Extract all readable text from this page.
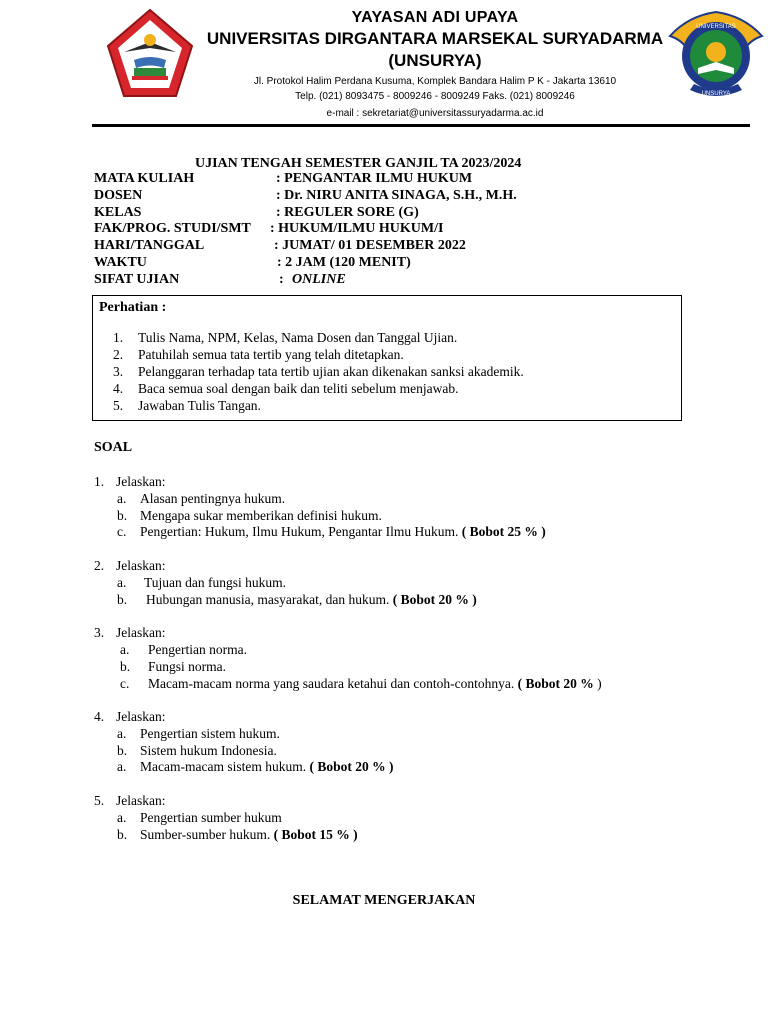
YAYASAN ADI UPAYA
UNIVERSITAS DIRGANTARA MARSEKAL SURYADARMA
(UNSURYA)
Jl. Protokol Halim Perdana Kusuma, Komplek Bandara Halim P K - Jakarta 13610
Telp. (021) 8093475 - 8009246 - 8009249 Faks. (021) 8009246
e-mail : sekretariat@universitassuryadarma.ac.id
UNIVERSITAS
UNSURYA
UJIAN TENGAH SEMESTER GANJIL TA 2023/2024
MATA KULIAH	: PENGANTAR ILMU HUKUM
DOSEN	: Dr. NIRU ANITA SINAGA, S.H., M.H.
KELAS	: REGULER SORE (G)
FAK/PROG. STUDI/SMT : HUKUM/ILMU HUKUM/I
HARI/TANGGAL	: JUMAT/ 01 DESEMBER 2022
WAKTU	: 2 JAM (120 MENIT)
SIFAT UJIAN	: ONLINE
Perhatian :
1. Tulis Nama, NPM, Kelas, Nama Dosen dan Tanggal Ujian.
2. Patuhilah semua tata tertib yang telah ditetapkan.
3. Pelanggaran terhadap tata tertib ujian akan dikenakan sanksi akademik.
4. Baca semua soal dengan baik dan teliti sebelum menjawab.
5. Jawaban Tulis Tangan.
SOAL
1. Jelaskan:
a. Alasan pentingnya hukum.
b. Mengapa sukar memberikan definisi hukum.
c. Pengertian: Hukum, Ilmu Hukum, Pengantar Ilmu Hukum. ( Bobot 25 % )
2. Jelaskan:
a. Tujuan dan fungsi hukum.
b. Hubungan manusia, masyarakat, dan hukum. ( Bobot 20 % )
3. Jelaskan:
a. Pengertian norma.
b. Fungsi norma.
c. Macam-macam norma yang saudara ketahui dan contoh-contohnya. ( Bobot 20 % )
4. Jelaskan:
a. Pengertian sistem hukum.
b. Sistem hukum Indonesia.
a. Macam-macam sistem hukum. ( Bobot 20 % )
5. Jelaskan:
a. Pengertian sumber hukum
b. Sumber-sumber hukum. ( Bobot 15 % )
SELAMAT MENGERJAKAN
